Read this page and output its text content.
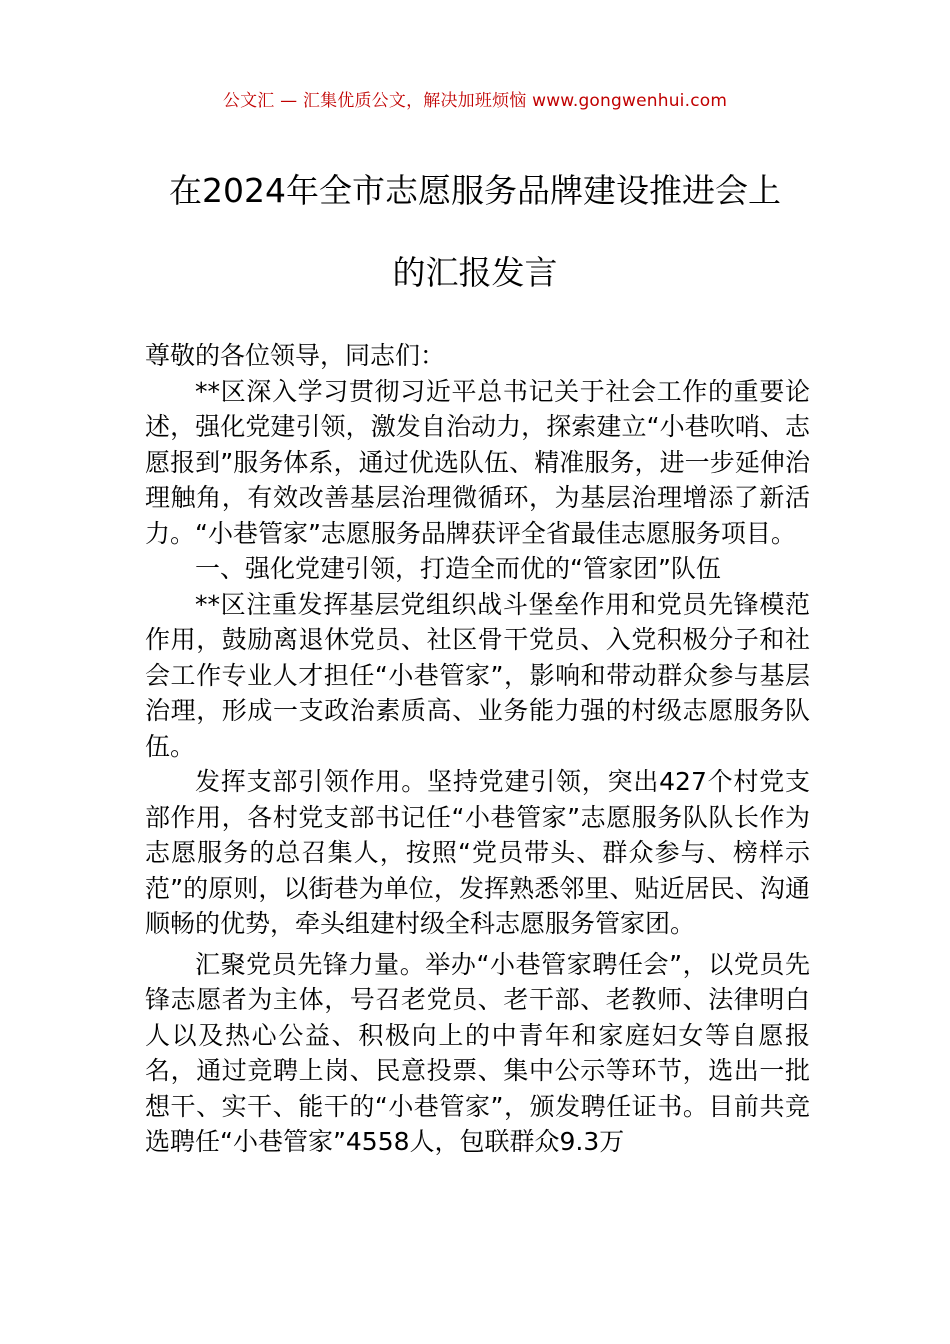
公文汇 — 汇集优质公文，解决加班烦恼 www.gongwenhui.com
在2024年全市志愿服务品牌建设推进会上
的汇报发言

尊敬的各位领导，同志们：

**区深入学习贯彻习近平总书记关于社会工作的重要论述，强化党建引领，激发自治动力，探索建立“小巷吹哨、志愿报到”服务体系，通过优选队伍、精准服务，进一步延伸治理触角，有效改善基层治理微循环，为基层治理增添了新活力。“小巷管家”志愿服务品牌获评全省最佳志愿服务项目。

一、强化党建引领，打造全而优的“管家团”队伍

**区注重发挥基层党组织战斗堡垒作用和党员先锋模范作用，鼓励离退休党员、社区骨干党员、入党积极分子和社会工作专业人才担任“小巷管家”，影响和带动群众参与基层治理，形成一支政治素质高、业务能力强的村级志愿服务队伍。

发挥支部引领作用。坚持党建引领，突出427个村党支部作用，各村党支部书记任“小巷管家”志愿服务队队长作为志愿服务的总召集人，按照“党员带头、群众参与、榜样示范”的原则，以街巷为单位，发挥熟悉邻里、贴近居民、沟通顺畅的优势，牵头组建村级全科志愿服务管家团。

汇聚党员先锋力量。举办“小巷管家聘任会”，以党员先锋志愿者为主体，号召老党员、老干部、老教师、法律明白人以及热心公益、积极向上的中青年和家庭妇女等自愿报名，通过竞聘上岗、民意投票、集中公示等环节，选出一批想干、实干、能干的“小巷管家”，颁发聘任证书。目前共竞选聘任“小巷管家”4558人，包联群众9.3万
